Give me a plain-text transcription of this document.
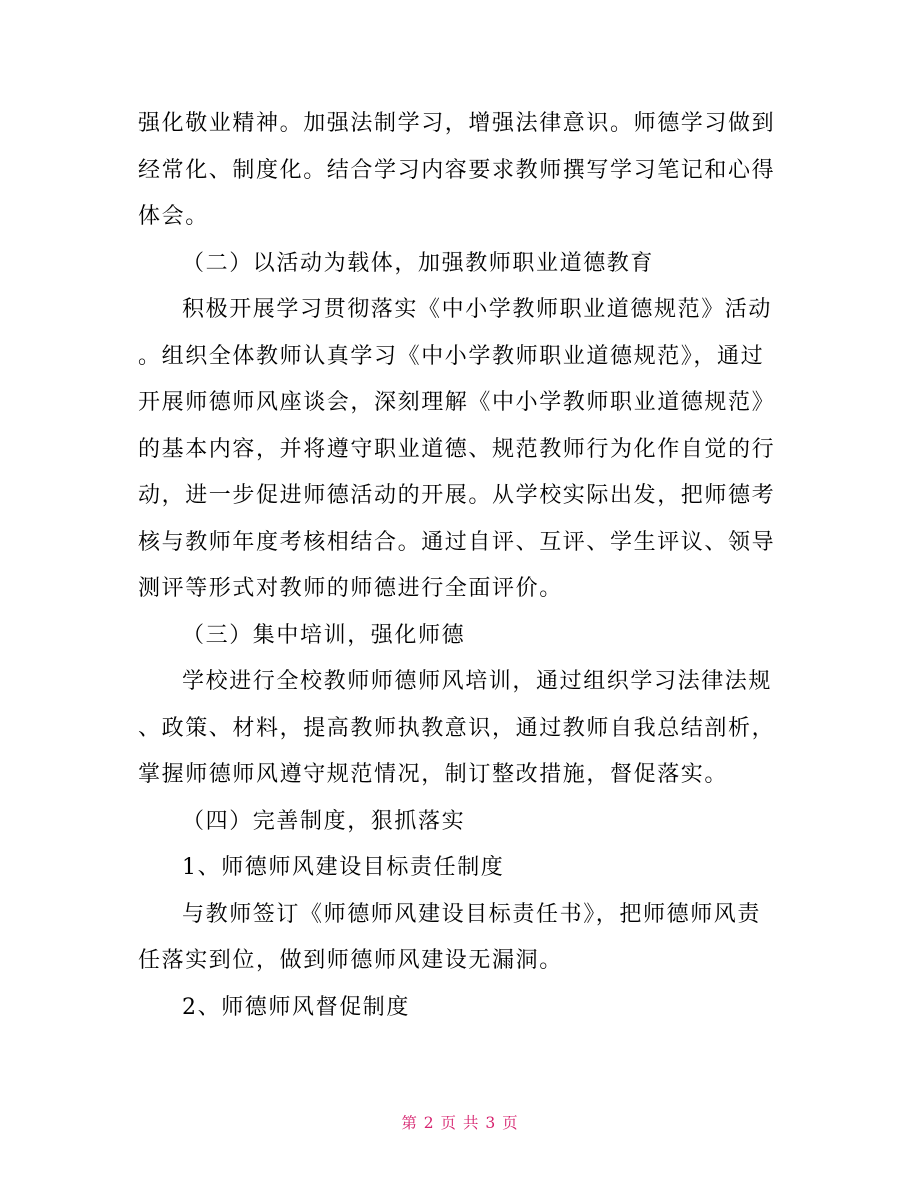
强化敬业精神。加强法制学习，增强法律意识。师德学习做到
经常化、制度化。结合学习内容要求教师撰写学习笔记和心得
体会。
（二）以活动为载体，加强教师职业道德教育
积极开展学习贯彻落实《中小学教师职业道德规范》活动
。组织全体教师认真学习《中小学教师职业道德规范》，通过
开展师德师风座谈会，深刻理解《中小学教师职业道德规范》
的基本内容，并将遵守职业道德、规范教师行为化作自觉的行
动，进一步促进师德活动的开展。从学校实际出发，把师德考
核与教师年度考核相结合。通过自评、互评、学生评议、领导
测评等形式对教师的师德进行全面评价。
（三）集中培训，强化师德
学校进行全校教师师德师风培训，通过组织学习法律法规
、政策、材料，提高教师执教意识，通过教师自我总结剖析，
掌握师德师风遵守规范情况，制订整改措施，督促落实。
（四）完善制度，狠抓落实
1、师德师风建设目标责任制度
与教师签订《师德师风建设目标责任书》，把师德师风责
任落实到位，做到师德师风建设无漏洞。
2、师德师风督促制度
第 2 页 共 3 页
